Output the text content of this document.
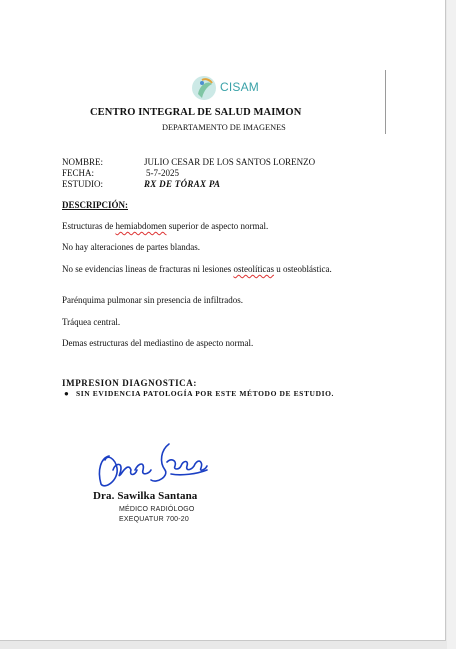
CISAM
CENTRO INTEGRAL DE SALUD MAIMON
DEPARTAMENTO DE IMAGENES
NOMBRE:	JULIO CESAR DE LOS SANTOS LORENZO
FECHA:	5-7-2025
ESTUDIO:	RX DE TÓRAX PA
DESCRIPCIÓN:
Estructuras de hemiabdomen superior de aspecto normal.
No hay alteraciones de partes blandas.
No se evidencias lineas de fracturas ni lesiones osteolíticas u osteoblástica.
Parénquima pulmonar sin presencia de infiltrados.
Tráquea central.
Demas estructuras del mediastino de aspecto normal.
IMPRESION DIAGNOSTICA:
● SIN EVIDENCIA PATOLOGÍA POR ESTE MÉTODO DE ESTUDIO.
Dra. Sawilka Santana
MÉDICO RADIÓLOGO
EXEQUATUR 700-20
